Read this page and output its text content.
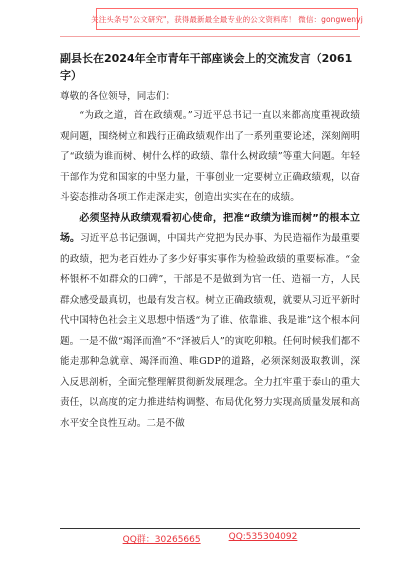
关注头条号"公文研究"，获得最新最全最专业的公文资料库！ 微信：gongwenyj

副县长在2024年全市青年干部座谈会上的交流发言（2061字）

尊敬的各位领导，同志们：

“为政之道，首在政绩观。”习近平总书记一直以来都高度重视政绩观问题，围绕树立和践行正确政绩观作出了一系列重要论述，深刻阐明了“政绩为谁而树、树什么样的政绩、靠什么树政绩”等重大问题。年轻干部作为党和国家的中坚力量，干事创业一定要树立正确政绩观，以奋斗姿态推动各项工作走深走实，创造出实实在在的成绩。

必须坚持从政绩观看初心使命，把准“政绩为谁而树”的根本立场。习近平总书记强调，中国共产党把为民办事、为民造福作为最重要的政绩，把为老百姓办了多少好事实事作为检验政绩的重要标准。“金杯银杯不如群众的口碑”，干部是不是做到为官一任、造福一方，人民群众感受最真切，也最有发言权。树立正确政绩观，就要从习近平新时代中国特色社会主义思想中悟透“为了谁、依靠谁、我是谁”这个根本问题。一是不做“竭泽而渔”不“泽被后人”的寅吃卯粮。任何时候我们都不能走那种急就章、竭泽而渔、唯GDP的道路，必须深刻汲取教训，深入反思剖析，全面完整理解贯彻新发展理念。全力扛牢重于泰山的重大责任，以高度的定力推进结构调整、布局优化努力实现高质量发展和高水平安全良性互动。二是不做

QQ群：30265665	QQ:535304092
